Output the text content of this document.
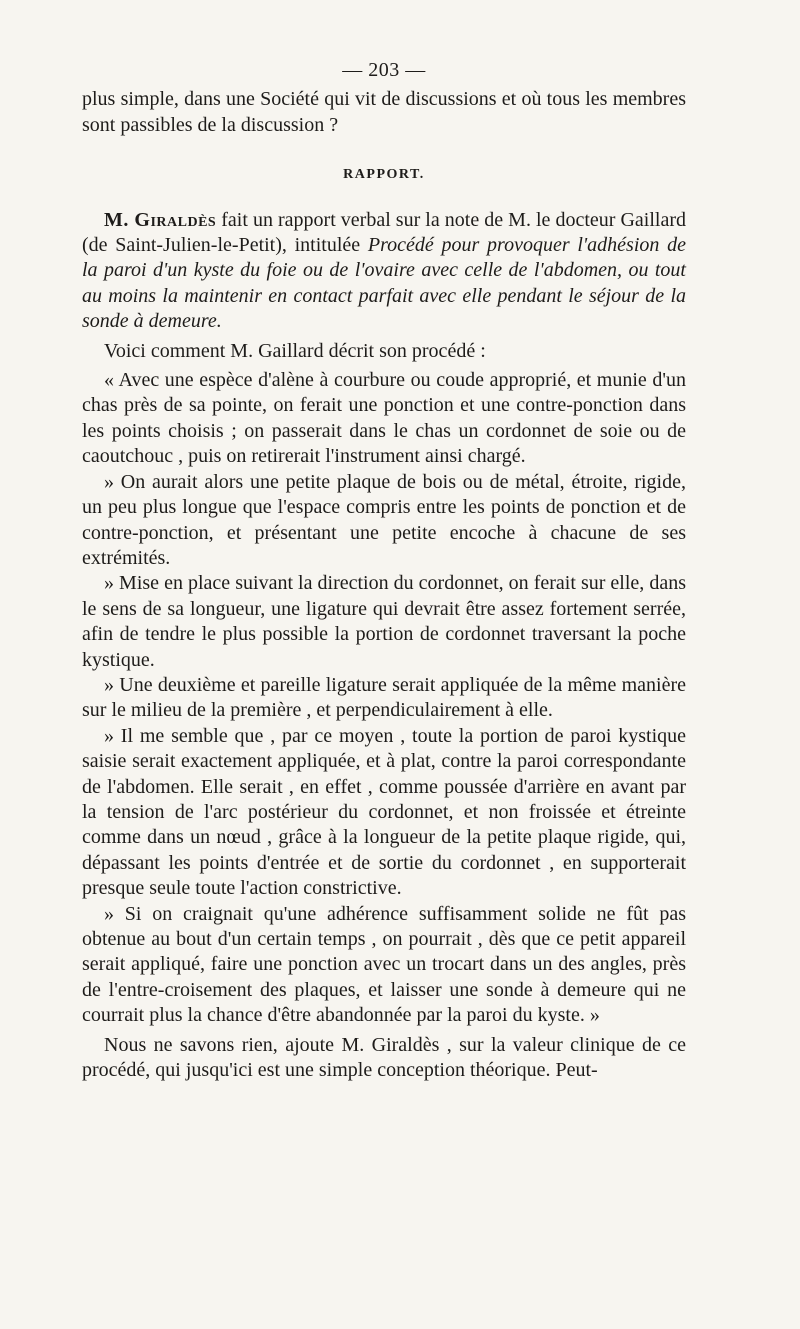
— 203 —

plus simple, dans une Société qui vit de discussions et où tous les membres sont passibles de la discussion ?

RAPPORT.

M. Giraldès fait un rapport verbal sur la note de M. le docteur Gaillard (de Saint-Julien-le-Petit), intitulée Procédé pour provoquer l'adhésion de la paroi d'un kyste du foie ou de l'ovaire avec celle de l'abdomen, ou tout au moins la maintenir en contact parfait avec elle pendant le séjour de la sonde à demeure.

Voici comment M. Gaillard décrit son procédé :

« Avec une espèce d'alène à courbure ou coude approprié, et munie d'un chas près de sa pointe, on ferait une ponction et une contre-ponction dans les points choisis ; on passerait dans le chas un cordonnet de soie ou de caoutchouc , puis on retirerait l'instrument ainsi chargé.

» On aurait alors une petite plaque de bois ou de métal, étroite, rigide, un peu plus longue que l'espace compris entre les points de ponction et de contre-ponction, et présentant une petite encoche à chacune de ses extrémités.

» Mise en place suivant la direction du cordonnet, on ferait sur elle, dans le sens de sa longueur, une ligature qui devrait être assez fortement serrée, afin de tendre le plus possible la portion de cordonnet traversant la poche kystique.

» Une deuxième et pareille ligature serait appliquée de la même manière sur le milieu de la première , et perpendiculairement à elle.

» Il me semble que , par ce moyen , toute la portion de paroi kystique saisie serait exactement appliquée, et à plat, contre la paroi correspondante de l'abdomen. Elle serait , en effet , comme poussée d'arrière en avant par la tension de l'arc postérieur du cordonnet, et non froissée et étreinte comme dans un nœud , grâce à la longueur de la petite plaque rigide, qui, dépassant les points d'entrée et de sortie du cordonnet , en supporterait presque seule toute l'action constrictive.

» Si on craignait qu'une adhérence suffisamment solide ne fût pas obtenue au bout d'un certain temps , on pourrait , dès que ce petit appareil serait appliqué, faire une ponction avec un trocart dans un des angles, près de l'entre-croisement des plaques, et laisser une sonde à demeure qui ne courrait plus la chance d'être abandonnée par la paroi du kyste. »

Nous ne savons rien, ajoute M. Giraldès , sur la valeur clinique de ce procédé, qui jusqu'ici est une simple conception théorique. Peut-
